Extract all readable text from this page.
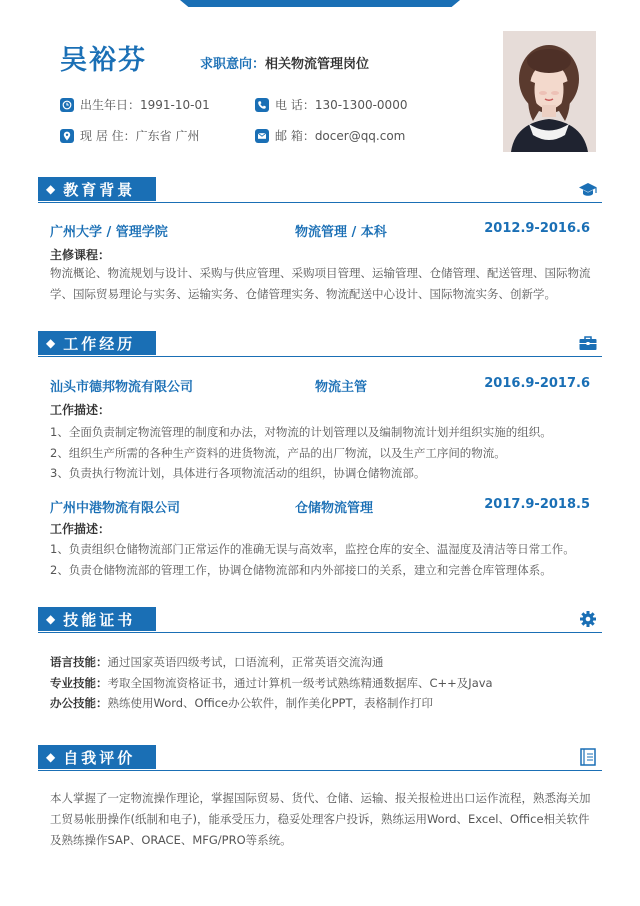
吴裕芬	求职意向：相关物流管理岗位
出生年日：1991-10-01
现 居 住：广东省 广州
电 话：130-1300-0000
邮 箱：docer@qq.com
◆ 教育背景
广州大学 / 管理学院	物流管理 / 本科	2012.9-2016.6
主修课程：
物流概论、物流规划与设计、采购与供应管理、采购项目管理、运输管理、仓储管理、配送管理、国际物流学、国际贸易理论与实务、运输实务、仓储管理实务、物流配送中心设计、国际物流实务、创新学。
◆ 工作经历
汕头市德邦物流有限公司	物流主管	2016.9-2017.6
工作描述：
1、全面负责制定物流管理的制度和办法，对物流的计划管理以及编制物流计划并组织实施的组织。
2、组织生产所需的各种生产资料的进货物流，产品的出厂物流，以及生产工序间的物流。
3、负责执行物流计划，具体进行各项物流活动的组织，协调仓储物流部。
广州中港物流有限公司	仓储物流管理	2017.9-2018.5
工作描述：
1、负责组织仓储物流部门正常运作的准确无误与高效率，监控仓库的安全、温湿度及清洁等日常工作。
2、负责仓储物流部的管理工作，协调仓储物流部和内外部接口的关系，建立和完善仓库管理体系。
◆ 技能证书
语言技能：通过国家英语四级考试，口语流利，正常英语交流沟通
专业技能：考取全国物流资格证书，通过计算机一级考试熟练精通数据库、C++及Java
办公技能：熟练使用Word、Office办公软件，制作美化PPT，表格制作打印
◆ 自我评价
本人掌握了一定物流操作理论，掌握国际贸易、货代、仓储、运输、报关报检进出口运作流程，熟悉海关加工贸易帐册操作(纸制和电子)，能承受压力，稳妥处理客户投诉，熟练运用Word、Excel、Office相关软件及熟练操作SAP、ORACE、MFG/PRO等系统。
